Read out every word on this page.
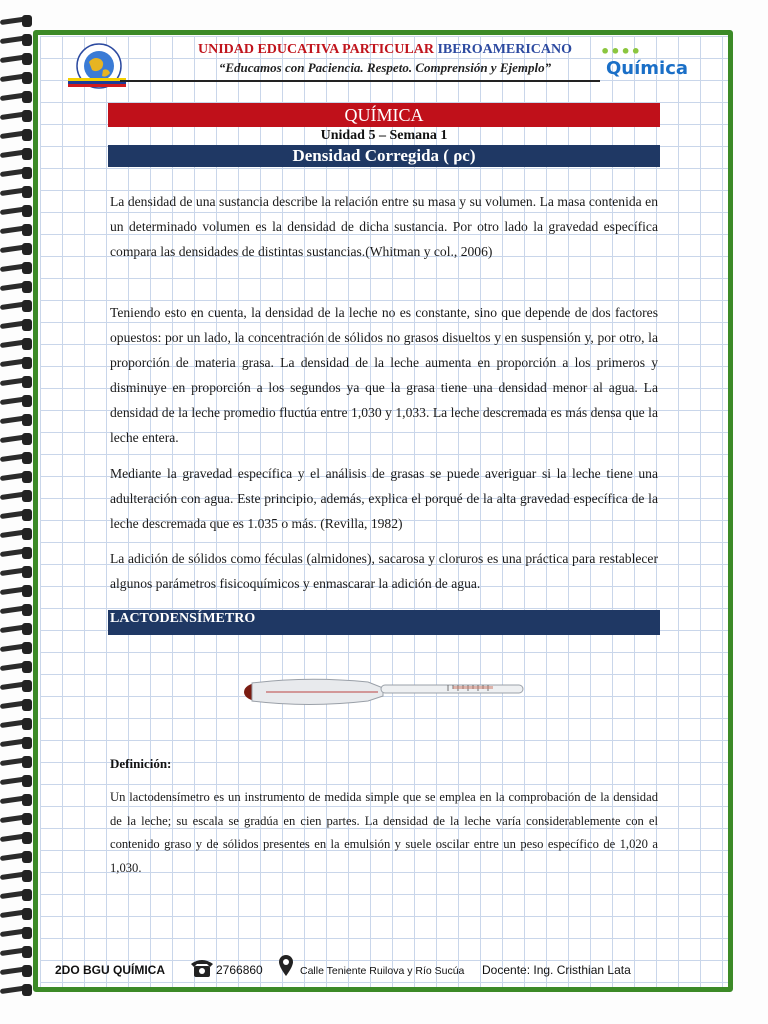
UNIDAD EDUCATIVA PARTICULAR IBEROAMERICANO
“Educamos con Paciencia. Respeto. Comprensión y Ejemplo”
••••
Química
QUÍMICA
Unidad 5 – Semana 1
Densidad Corregida ( ρc)
La densidad de una sustancia describe la relación entre su masa y su volumen. La masa contenida en un determinado volumen es la densidad de dicha sustancia. Por otro lado la gravedad específica compara las densidades de distintas sustancias.(Whitman y col., 2006)
Teniendo esto en cuenta, la densidad de la leche no es constante, sino que depende de dos factores opuestos: por un lado, la concentración de sólidos no grasos disueltos y en suspensión y, por otro, la proporción de materia grasa. La densidad de la leche aumenta en proporción a los primeros y disminuye en proporción a los segundos ya que la grasa tiene una densidad menor al agua. La densidad de la leche promedio fluctúa entre 1,030 y 1,033. La leche descremada es más densa que la leche entera.
Mediante la gravedad específica y el análisis de grasas se puede averiguar si la leche tiene una adulteración con agua. Este principio, además, explica el porqué de la alta gravedad específica de la leche descremada que es 1.035 o más. (Revilla, 1982)
La adición de sólidos como féculas (almidones), sacarosa y cloruros es una práctica para restablecer algunos parámetros fisicoquímicos y enmascarar la adición de agua.
LACTODENSÍMETRO
Definición:
Un lactodensímetro es un instrumento de medida simple que se emplea en la comprobación de la densidad de la leche; su escala se gradúa en cien partes. La densidad de la leche varía considerablemente con el contenido graso y de sólidos presentes en la emulsión y suele oscilar entre un peso específico de 1,020 a 1,030.
2DO BGU QUÍMICA	2766860	Calle Teniente Ruilova y Río Sucúa Docente: Ing. Cristhian Lata
